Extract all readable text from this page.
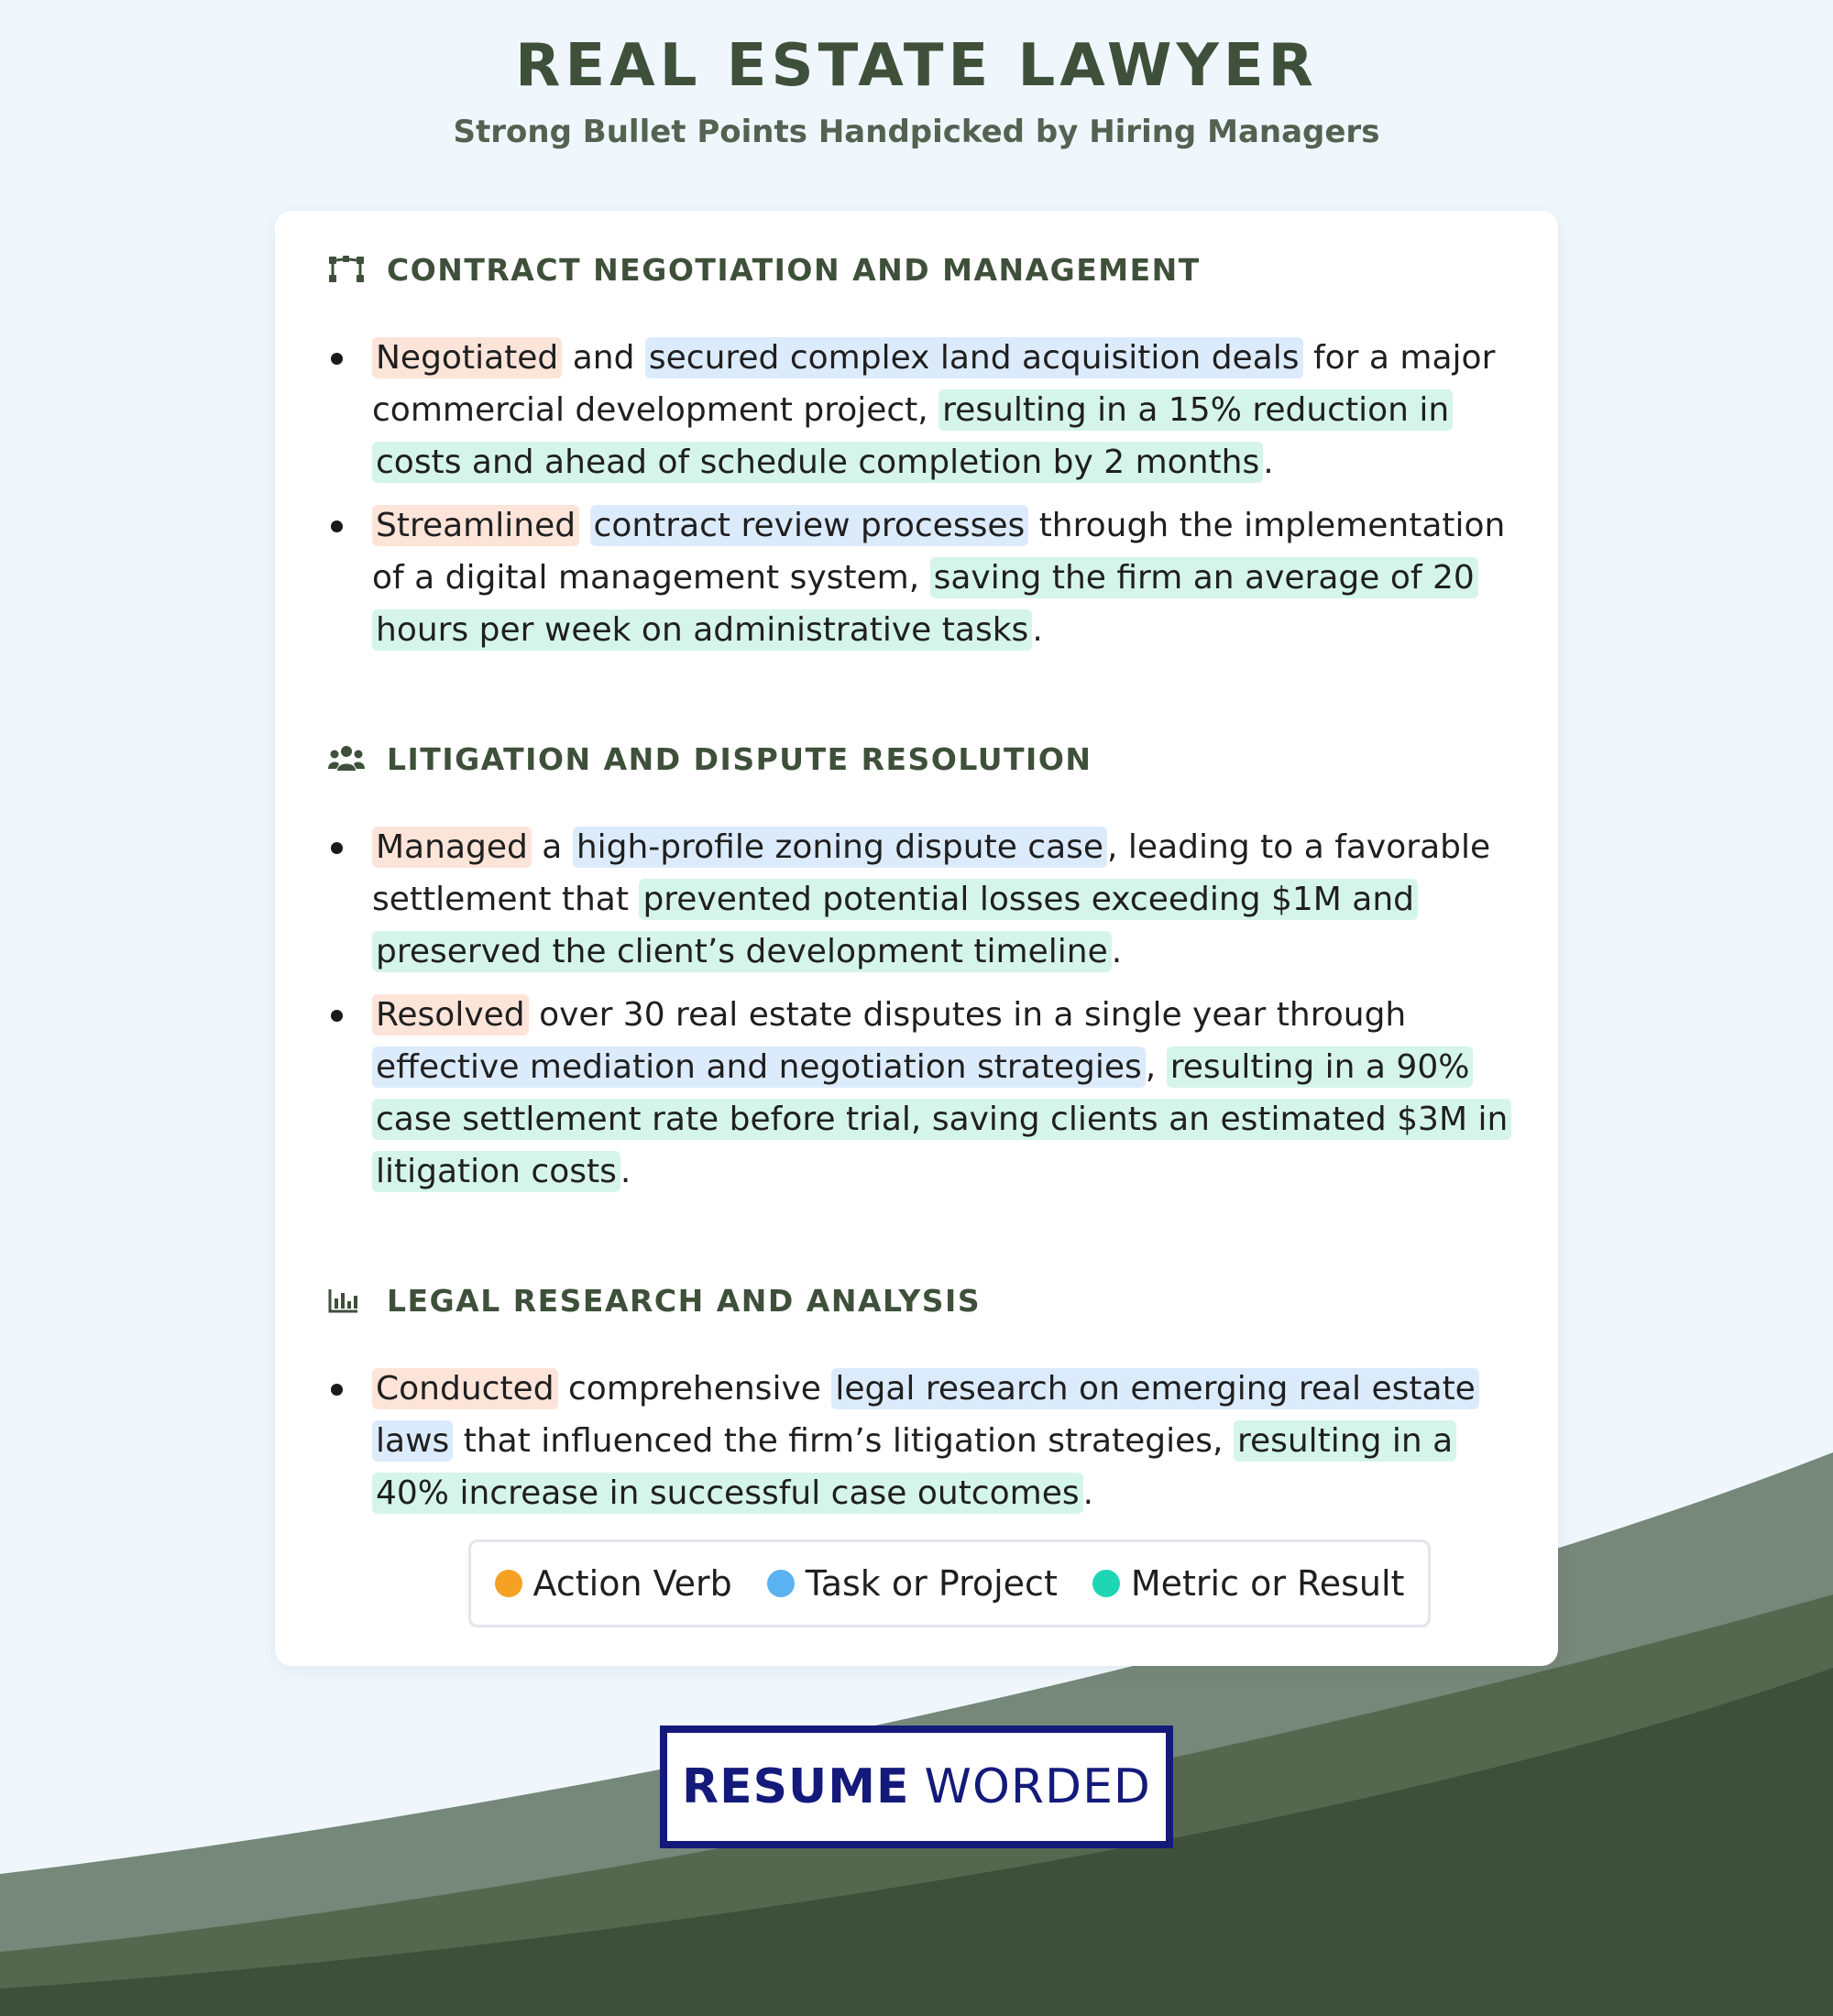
REAL ESTATE LAWYER

Strong Bullet Points Handpicked by Hiring Managers

CONTRACT NEGOTIATION AND MANAGEMENT
Negotiated and secured complex land acquisition deals for a major commercial development project, resulting in a 15% reduction in costs and ahead of schedule completion by 2 months .
Streamlined contract review processes through the implementation of a digital management system, saving the firm an average of 20 hours per week on administrative tasks .
LITIGATION AND DISPUTE RESOLUTION
Managed a high-profile zoning dispute case , leading to a favorable settlement that prevented potential losses exceeding $1M and preserved the client’s development timeline .
Resolved over 30 real estate disputes in a single year through effective mediation and negotiation strategies , resulting in a 90% case settlement rate before trial, saving clients an estimated $3M in litigation costs .
LEGAL RESEARCH AND ANALYSIS
Conducted comprehensive legal research on emerging real estate laws that influenced the firm’s litigation strategies, resulting in a 40% increase in successful case outcomes .
Action Verb Task or Project Metric or Result
RESUME WORDED
